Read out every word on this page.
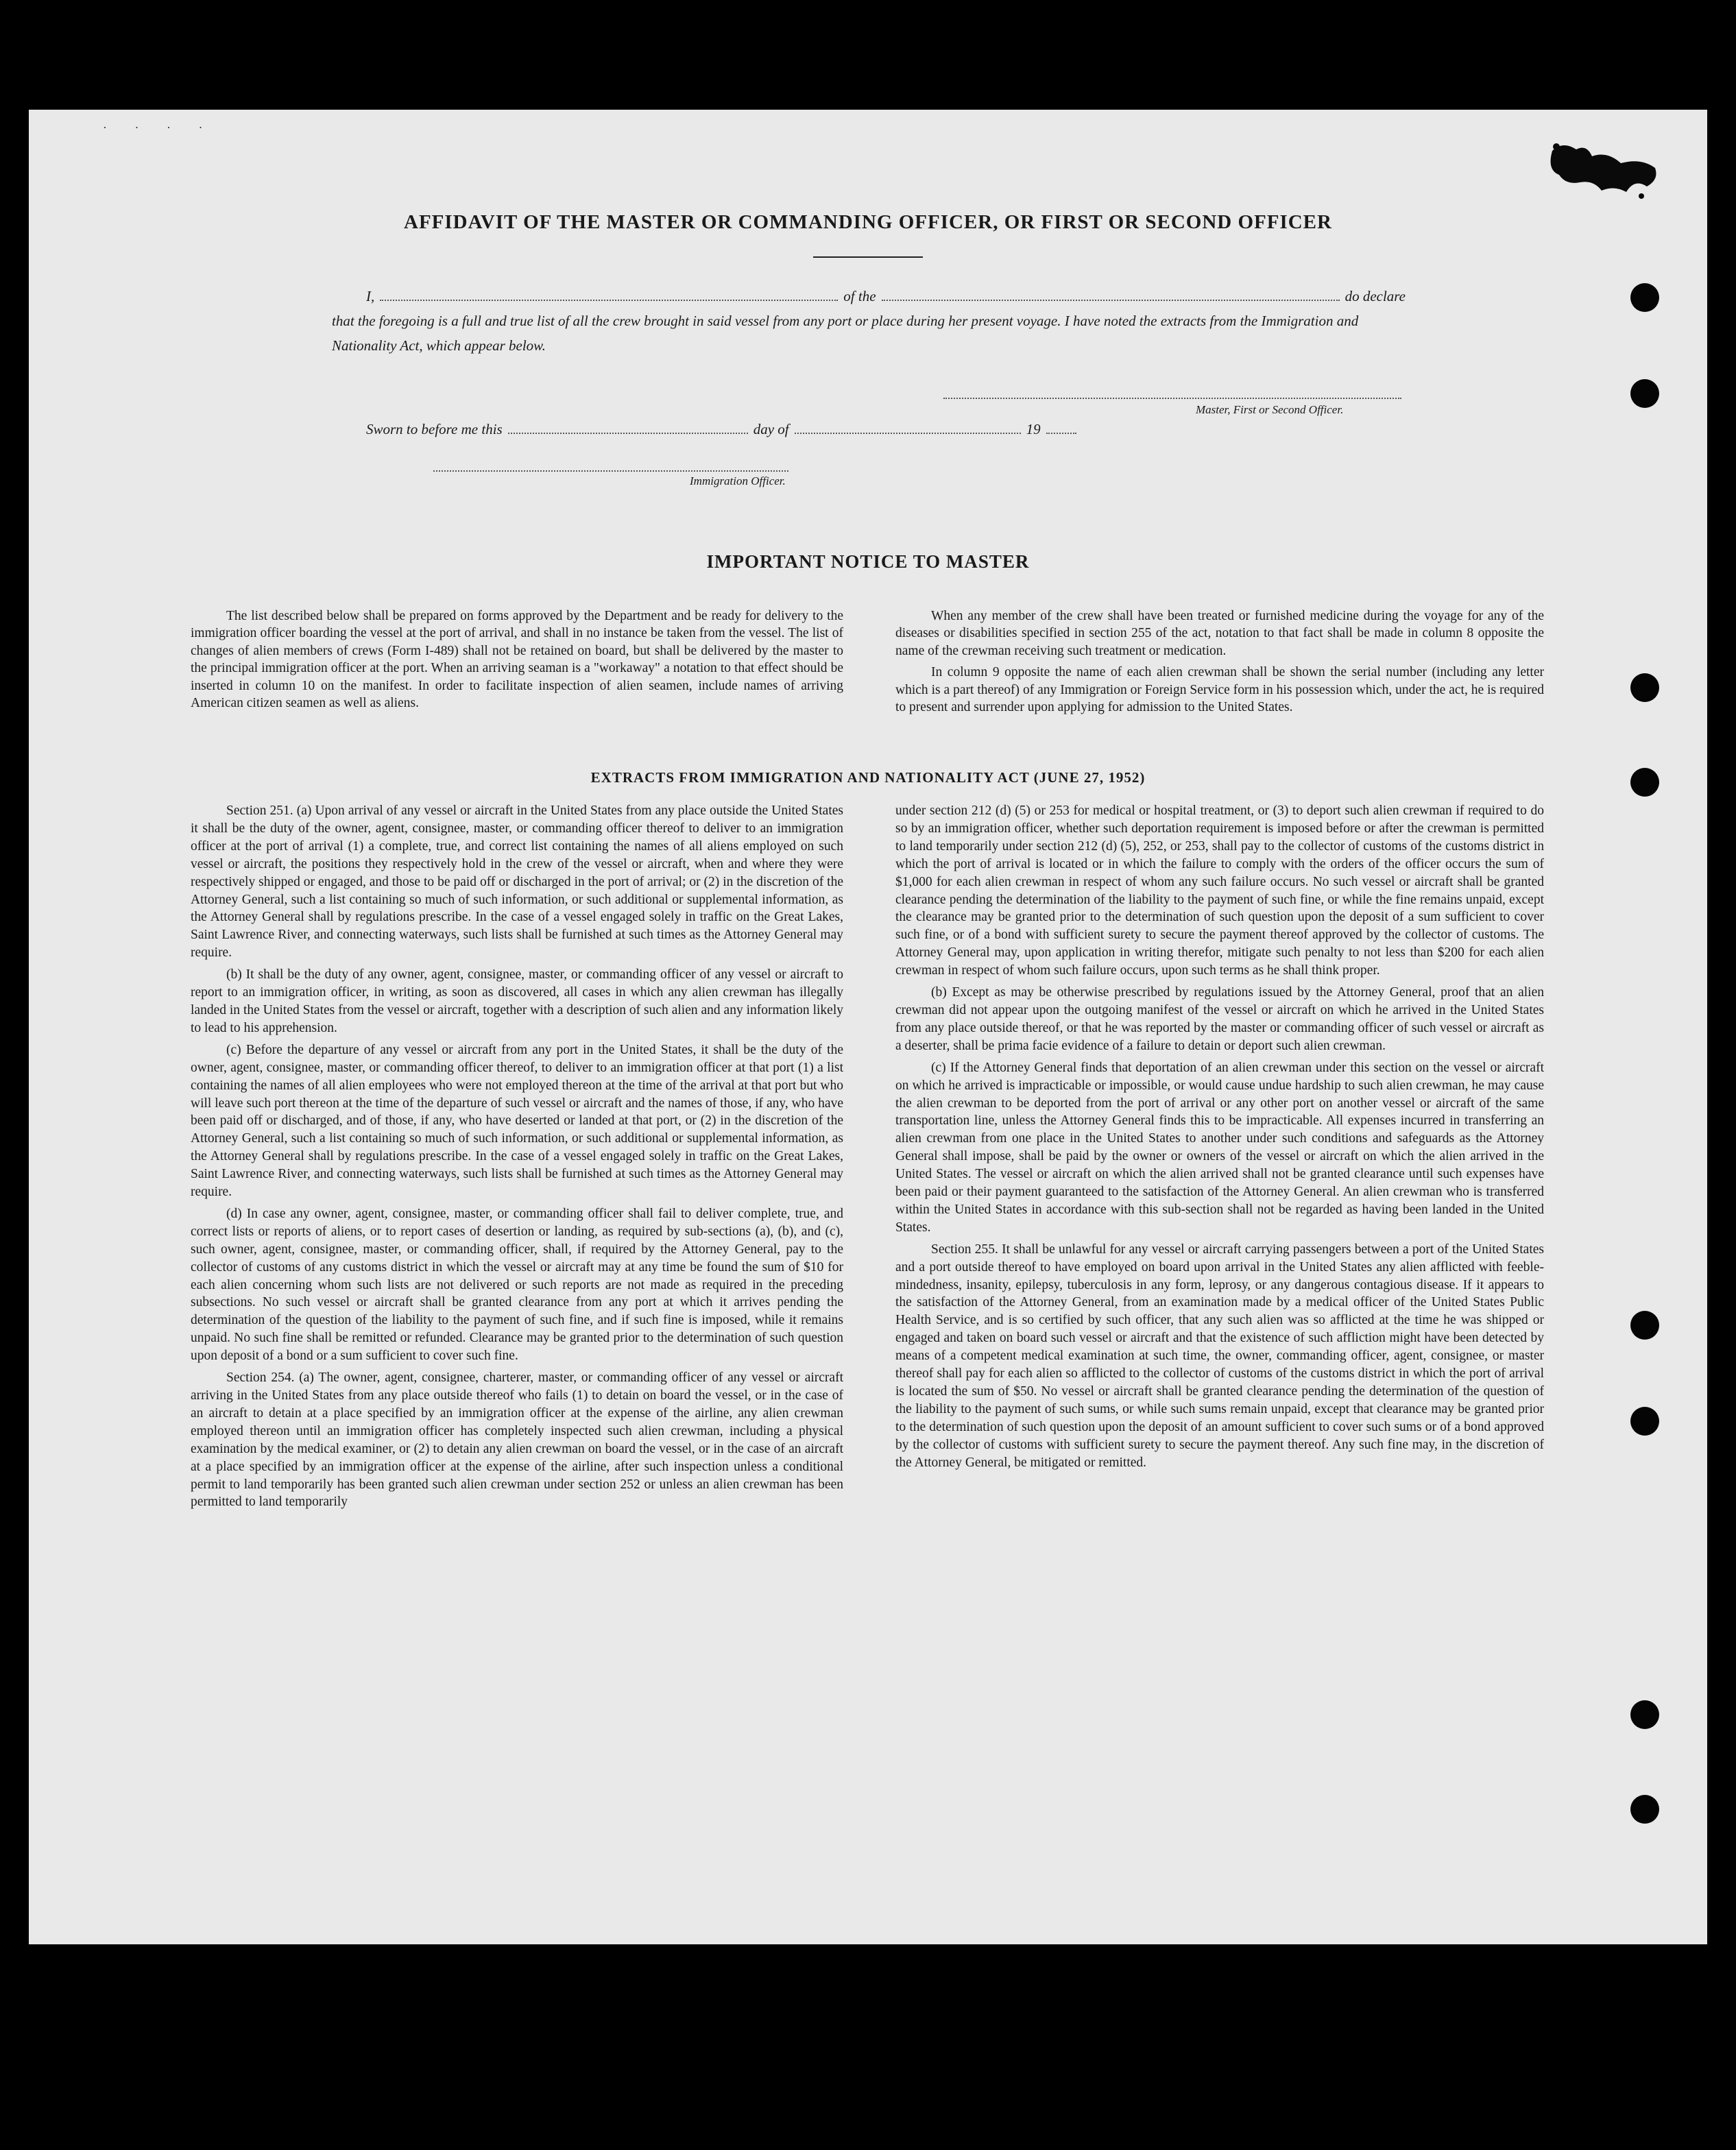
· · · ·
AFFIDAVIT OF THE MASTER OR COMMANDING OFFICER, OR FIRST OR SECOND OFFICER
I,	of the	do declare
that the foregoing is a full and true list of all the crew brought in said vessel from any port or place during her present voyage. I have noted the extracts from the Immigration and Nationality Act, which appear below.
Master, First or Second Officer.
Sworn to before me this	day of	19
Immigration Officer.
IMPORTANT NOTICE TO MASTER

The list described below shall be prepared on forms approved by the Department and be ready for delivery to the immigration officer boarding the vessel at the port of arrival, and shall in no instance be taken from the vessel. The list of changes of alien members of crews (Form I-489) shall not be retained on board, but shall be delivered by the master to the principal immigration officer at the port. When an arriving seaman is a "workaway" a notation to that effect should be inserted in column 10 on the manifest. In order to facilitate inspection of alien seamen, include names of arriving American citizen seamen as well as aliens.

When any member of the crew shall have been treated or furnished medicine during the voyage for any of the diseases or disabilities specified in section 255 of the act, notation to that fact shall be made in column 8 opposite the name of the crewman receiving such treatment or medication.

In column 9 opposite the name of each alien crewman shall be shown the serial number (including any letter which is a part thereof) of any Immigration or Foreign Service form in his possession which, under the act, he is required to present and surrender upon applying for admission to the United States.

EXTRACTS FROM IMMIGRATION AND NATIONALITY ACT (JUNE 27, 1952)

Section 251. (a) Upon arrival of any vessel or aircraft in the United States from any place outside the United States it shall be the duty of the owner, agent, consignee, master, or commanding officer thereof to deliver to an immigration officer at the port of arrival (1) a complete, true, and correct list containing the names of all aliens employed on such vessel or aircraft, the positions they respectively hold in the crew of the vessel or aircraft, when and where they were respectively shipped or engaged, and those to be paid off or discharged in the port of arrival; or (2) in the discretion of the Attorney General, such a list containing so much of such information, or such additional or supplemental information, as the Attorney General shall by regulations prescribe. In the case of a vessel engaged solely in traffic on the Great Lakes, Saint Lawrence River, and connecting waterways, such lists shall be furnished at such times as the Attorney General may require.

(b) It shall be the duty of any owner, agent, consignee, master, or commanding officer of any vessel or aircraft to report to an immigration officer, in writing, as soon as discovered, all cases in which any alien crewman has illegally landed in the United States from the vessel or aircraft, together with a description of such alien and any information likely to lead to his apprehension.

(c) Before the departure of any vessel or aircraft from any port in the United States, it shall be the duty of the owner, agent, consignee, master, or commanding officer thereof, to deliver to an immigration officer at that port (1) a list containing the names of all alien employees who were not employed thereon at the time of the arrival at that port but who will leave such port thereon at the time of the departure of such vessel or aircraft and the names of those, if any, who have been paid off or discharged, and of those, if any, who have deserted or landed at that port, or (2) in the discretion of the Attorney General, such a list containing so much of such information, or such additional or supplemental information, as the Attorney General shall by regulations prescribe. In the case of a vessel engaged solely in traffic on the Great Lakes, Saint Lawrence River, and connecting waterways, such lists shall be furnished at such times as the Attorney General may require.

(d) In case any owner, agent, consignee, master, or commanding officer shall fail to deliver complete, true, and correct lists or reports of aliens, or to report cases of desertion or landing, as required by sub-sections (a), (b), and (c), such owner, agent, consignee, master, or commanding officer, shall, if required by the Attorney General, pay to the collector of customs of any customs district in which the vessel or aircraft may at any time be found the sum of $10 for each alien concerning whom such lists are not delivered or such reports are not made as required in the preceding subsections. No such vessel or aircraft shall be granted clearance from any port at which it arrives pending the determination of the question of the liability to the payment of such fine, and if such fine is imposed, while it remains unpaid. No such fine shall be remitted or refunded. Clearance may be granted prior to the determination of such question upon deposit of a bond or a sum sufficient to cover such fine.

Section 254. (a) The owner, agent, consignee, charterer, master, or commanding officer of any vessel or aircraft arriving in the United States from any place outside thereof who fails (1) to detain on board the vessel, or in the case of an aircraft to detain at a place specified by an immigration officer at the expense of the airline, any alien crewman employed thereon until an immigration officer has completely inspected such alien crewman, including a physical examination by the medical examiner, or (2) to detain any alien crewman on board the vessel, or in the case of an aircraft at a place specified by an immigration officer at the expense of the airline, after such inspection unless a conditional permit to land temporarily has been granted such alien crewman under section 252 or unless an alien crewman has been permitted to land temporarily

under section 212 (d) (5) or 253 for medical or hospital treatment, or (3) to deport such alien crewman if required to do so by an immigration officer, whether such deportation requirement is imposed before or after the crewman is permitted to land temporarily under section 212 (d) (5), 252, or 253, shall pay to the collector of customs of the customs district in which the port of arrival is located or in which the failure to comply with the orders of the officer occurs the sum of $1,000 for each alien crewman in respect of whom any such failure occurs. No such vessel or aircraft shall be granted clearance pending the determination of the liability to the payment of such fine, or while the fine remains unpaid, except the clearance may be granted prior to the determination of such question upon the deposit of a sum sufficient to cover such fine, or of a bond with sufficient surety to secure the payment thereof approved by the collector of customs. The Attorney General may, upon application in writing therefor, mitigate such penalty to not less than $200 for each alien crewman in respect of whom such failure occurs, upon such terms as he shall think proper.

(b) Except as may be otherwise prescribed by regulations issued by the Attorney General, proof that an alien crewman did not appear upon the outgoing manifest of the vessel or aircraft on which he arrived in the United States from any place outside thereof, or that he was reported by the master or commanding officer of such vessel or aircraft as a deserter, shall be prima facie evidence of a failure to detain or deport such alien crewman.

(c) If the Attorney General finds that deportation of an alien crewman under this section on the vessel or aircraft on which he arrived is impracticable or impossible, or would cause undue hardship to such alien crewman, he may cause the alien crewman to be deported from the port of arrival or any other port on another vessel or aircraft of the same transportation line, unless the Attorney General finds this to be impracticable. All expenses incurred in transferring an alien crewman from one place in the United States to another under such conditions and safeguards as the Attorney General shall impose, shall be paid by the owner or owners of the vessel or aircraft on which the alien arrived in the United States. The vessel or aircraft on which the alien arrived shall not be granted clearance until such expenses have been paid or their payment guaranteed to the satisfaction of the Attorney General. An alien crewman who is transferred within the United States in accordance with this sub-section shall not be regarded as having been landed in the United States.

Section 255. It shall be unlawful for any vessel or aircraft carrying passengers between a port of the United States and a port outside thereof to have employed on board upon arrival in the United States any alien afflicted with feeble-mindedness, insanity, epilepsy, tuberculosis in any form, leprosy, or any dangerous contagious disease. If it appears to the satisfaction of the Attorney General, from an examination made by a medical officer of the United States Public Health Service, and is so certified by such officer, that any such alien was so afflicted at the time he was shipped or engaged and taken on board such vessel or aircraft and that the existence of such affliction might have been detected by means of a competent medical examination at such time, the owner, commanding officer, agent, consignee, or master thereof shall pay for each alien so afflicted to the collector of customs of the customs district in which the port of arrival is located the sum of $50. No vessel or aircraft shall be granted clearance pending the determination of the question of the liability to the payment of such sums, or while such sums remain unpaid, except that clearance may be granted prior to the determination of such question upon the deposit of an amount sufficient to cover such sums or of a bond approved by the collector of customs with sufficient surety to secure the payment thereof. Any such fine may, in the discretion of the Attorney General, be mitigated or remitted.
